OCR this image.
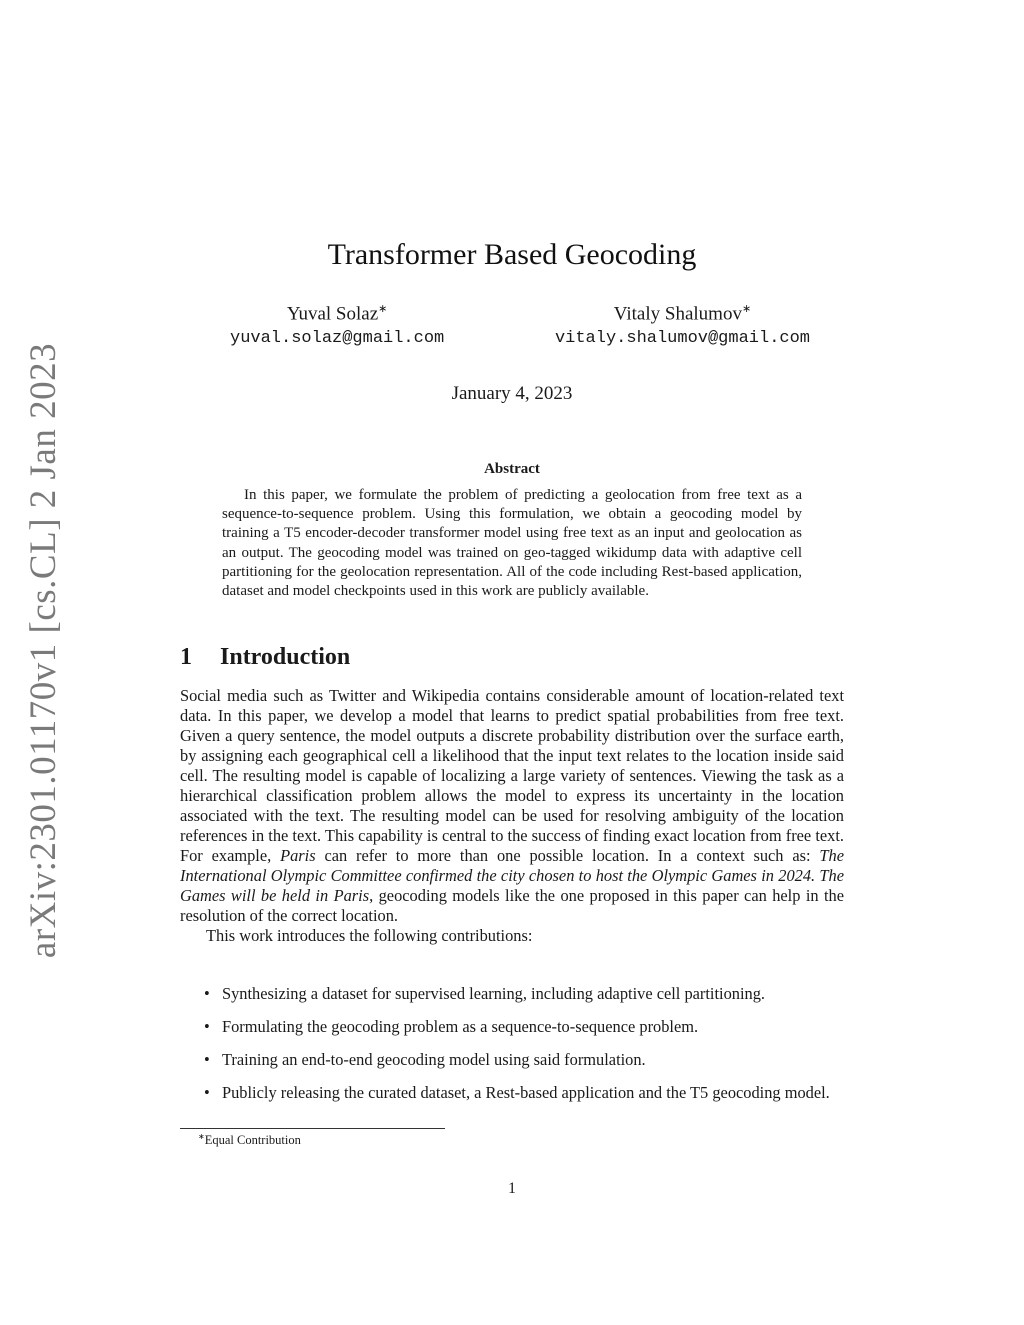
arXiv:2301.01170v1 [cs.CL] 2 Jan 2023
Transformer Based Geocoding
Yuval Solaz∗
yuval.solaz@gmail.com
Vitaly Shalumov∗
vitaly.shalumov@gmail.com
January 4, 2023
Abstract
In this paper, we formulate the problem of predicting a geolocation from free text as a sequence-to-sequence problem. Using this formulation, we obtain a geocoding model by training a T5 encoder-decoder transformer model using free text as an input and geolocation as an output. The geocoding model was trained on geo-tagged wikidump data with adaptive cell partitioning for the geolocation representation. All of the code including Rest-based application, dataset and model checkpoints used in this work are publicly available.
1 Introduction

Social media such as Twitter and Wikipedia contains considerable amount of location-related text data. In this paper, we develop a model that learns to predict spatial probabilities from free text. Given a query sentence, the model outputs a discrete probability distribution over the surface earth, by assigning each geographical cell a likelihood that the input text relates to the location inside said cell. The resulting model is capable of localizing a large variety of sentences. Viewing the task as a hierarchical classification problem allows the model to express its uncertainty in the location associated with the text. The resulting model can be used for resolving ambiguity of the location references in the text. This capability is central to the success of finding exact location from free text. For example, Paris can refer to more than one possible location. In a context such as: The International Olympic Committee confirmed the city chosen to host the Olympic Games in 2024. The Games will be held in Paris, geocoding models like the one proposed in this paper can help in the resolution of the correct location.

This work introduces the following contributions:

• Synthesizing a dataset for supervised learning, including adaptive cell partitioning.
• Formulating the geocoding problem as a sequence-to-sequence problem.
• Training an end-to-end geocoding model using said formulation.
• Publicly releasing the curated dataset, a Rest-based application and the T5 geocoding model.
∗Equal Contribution
1
